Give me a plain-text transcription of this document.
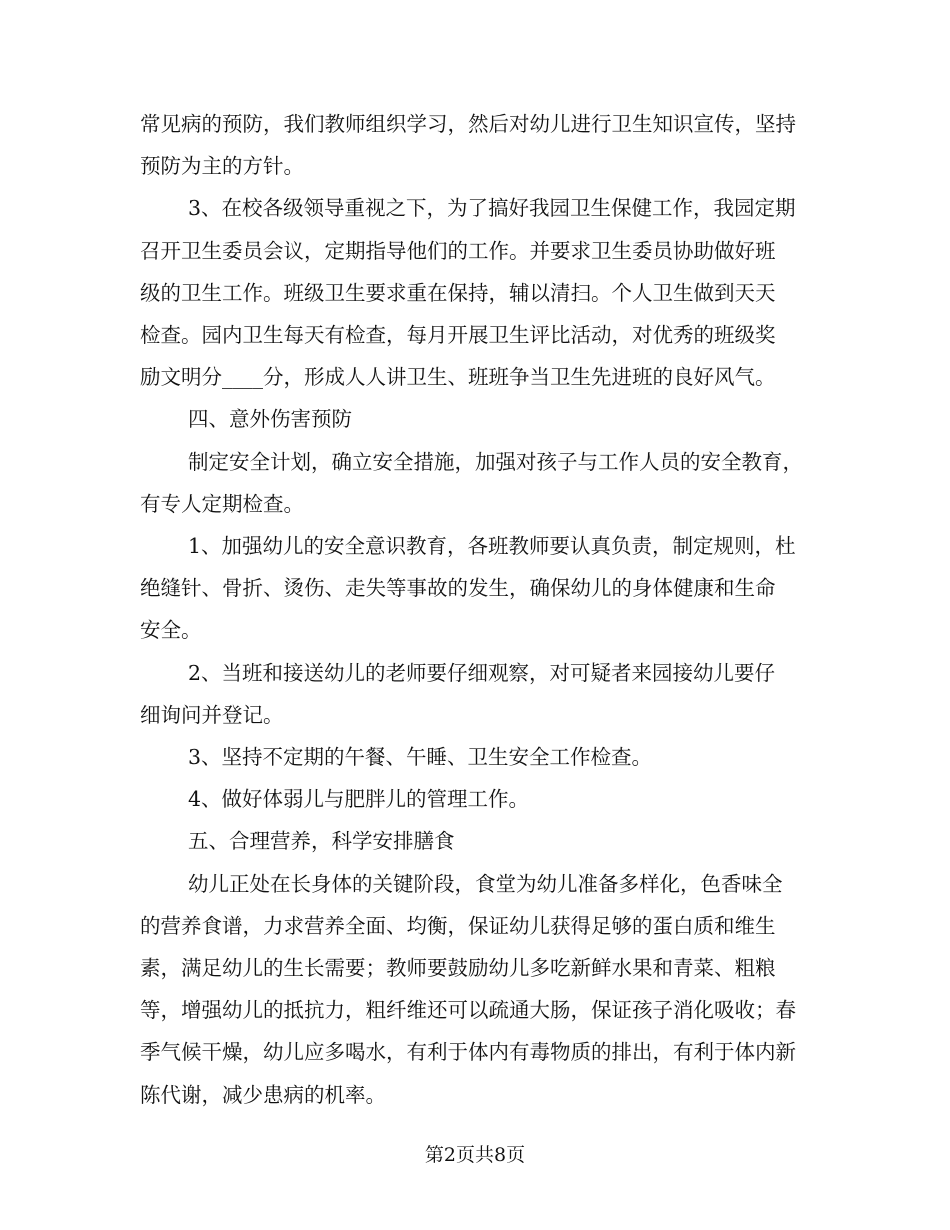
常见病的预防，我们教师组织学习，然后对幼儿进行卫生知识宣传，坚持

预防为主的方针。

3、在校各级领导重视之下，为了搞好我园卫生保健工作，我园定期

召开卫生委员会议，定期指导他们的工作。并要求卫生委员协助做好班

级的卫生工作。班级卫生要求重在保持，辅以清扫。个人卫生做到天天

检查。园内卫生每天有检查，每月开展卫生评比活动，对优秀的班级奖

励文明分____分，形成人人讲卫生、班班争当卫生先进班的良好风气。

四、意外伤害预防

制定安全计划，确立安全措施，加强对孩子与工作人员的安全教育，

有专人定期检查。

1、加强幼儿的安全意识教育，各班教师要认真负责，制定规则，杜

绝缝针、骨折、烫伤、走失等事故的发生，确保幼儿的身体健康和生命

安全。

2、当班和接送幼儿的老师要仔细观察，对可疑者来园接幼儿要仔

细询问并登记。

3、坚持不定期的午餐、午睡、卫生安全工作检查。

4、做好体弱儿与肥胖儿的管理工作。

五、合理营养，科学安排膳食

幼儿正处在长身体的关键阶段，食堂为幼儿准备多样化，色香味全

的营养食谱，力求营养全面、均衡，保证幼儿获得足够的蛋白质和维生

素，满足幼儿的生长需要；教师要鼓励幼儿多吃新鲜水果和青菜、粗粮

等，增强幼儿的抵抗力，粗纤维还可以疏通大肠，保证孩子消化吸收；春

季气候干燥，幼儿应多喝水，有利于体内有毒物质的排出，有利于体内新

陈代谢，减少患病的机率。

第2页共8页
